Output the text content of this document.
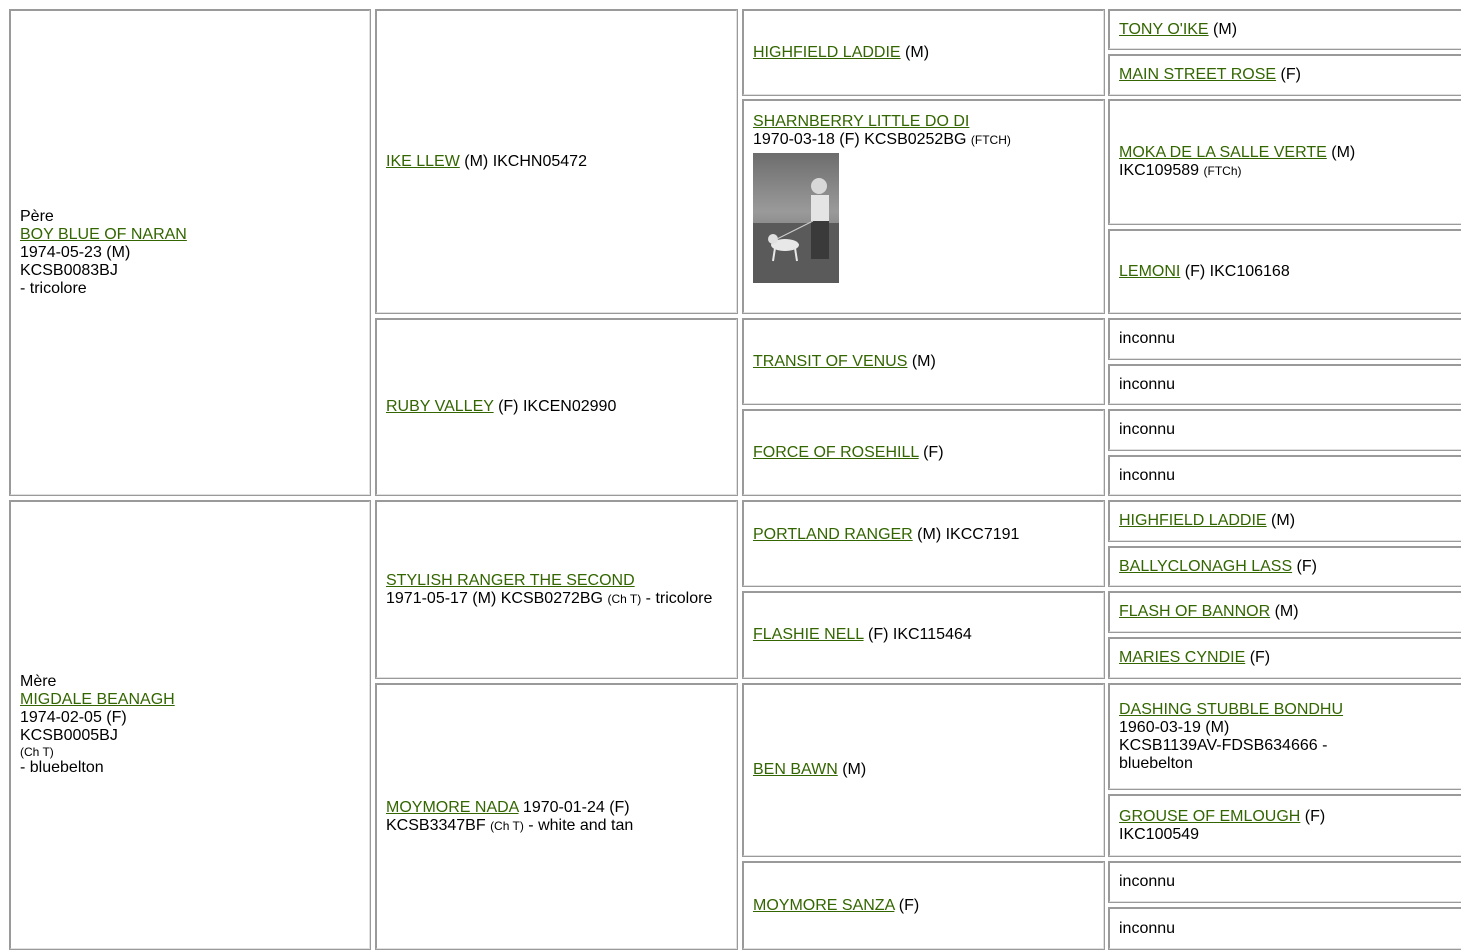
Père
BOY BLUE OF NARAN
1974-05-23 (M)
KCSB0083BJ
- tricolore
Mère
MIGDALE BEANAGH
1974-02-05 (F)
KCSB0005BJ
(Ch T)
- bluebelton
IKE LLEW (M) IKCHN05472
RUBY VALLEY (F) IKCEN02990
STYLISH RANGER THE SECOND
1971-05-17 (M) KCSB0272BG (Ch T) - tricolore
MOYMORE NADA 1970-01-24 (F) KCSB3347BF (Ch T) - white and tan
HIGHFIELD LADDIE (M)
SHARNBERRY LITTLE DO DI
1970-03-18 (F) KCSB0252BG (FTCH)
TRANSIT OF VENUS (M)
FORCE OF ROSEHILL (F)
PORTLAND RANGER (M) IKCC7191
FLASHIE NELL (F) IKC115464
BEN BAWN (M)
MOYMORE SANZA (F)
TONY O'IKE (M)
MAIN STREET ROSE (F)
MOKA DE LA SALLE VERTE (M)
IKC109589 (FTCh)
LEMONI (F) IKC106168
inconnu
inconnu
inconnu
inconnu
HIGHFIELD LADDIE (M)
BALLYCLONAGH LASS (F)
FLASH OF BANNOR (M)
MARIES CYNDIE (F)
DASHING STUBBLE BONDHU
1960-03-19 (M)
KCSB1139AV-FDSB634666 -
bluebelton
GROUSE OF EMLOUGH (F)
IKC100549
inconnu
inconnu
